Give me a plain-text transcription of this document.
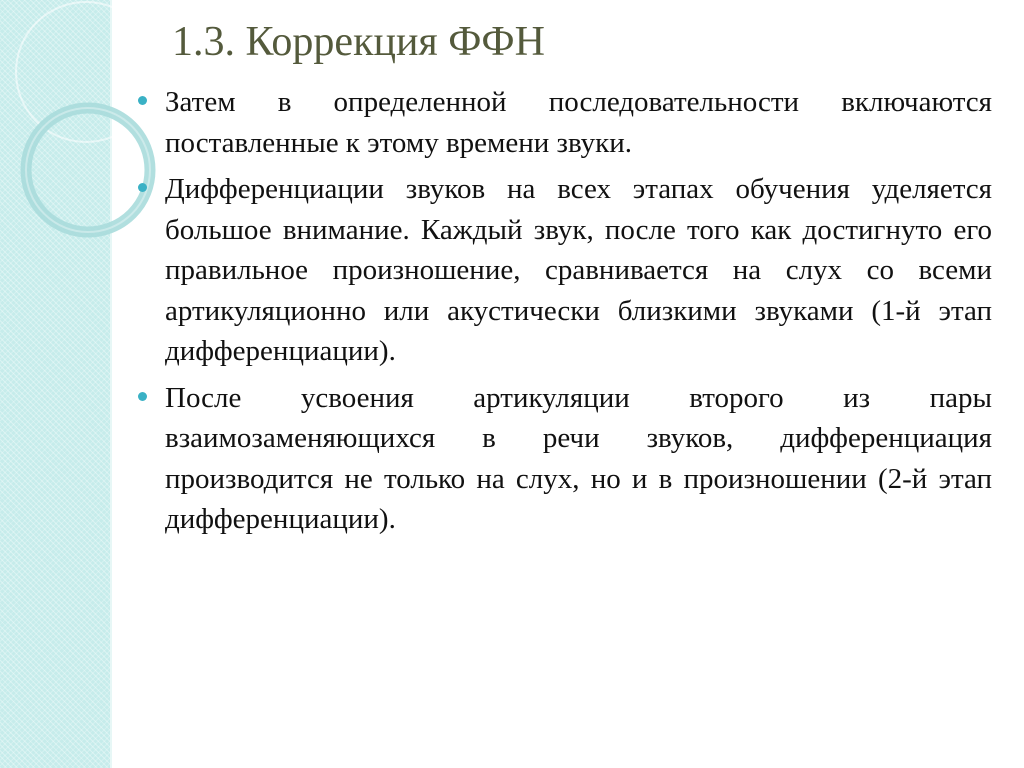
1.3. Коррекция ФФН
Затем в определенной последовательности включаются поставленные к этому времени звуки.
Дифференциации звуков на всех этапах обучения уделяется большое внимание. Каждый звук, после того как достигнуто его правильное произношение, сравнивается на слух со всеми артикуляционно или акустически близкими звуками (1-й этап дифференциации).
После усвоения артикуляции второго из пары взаимозаменяющихся в речи звуков, дифференциация производится не только на слух, но и в произношении (2-й этап дифференциации).
